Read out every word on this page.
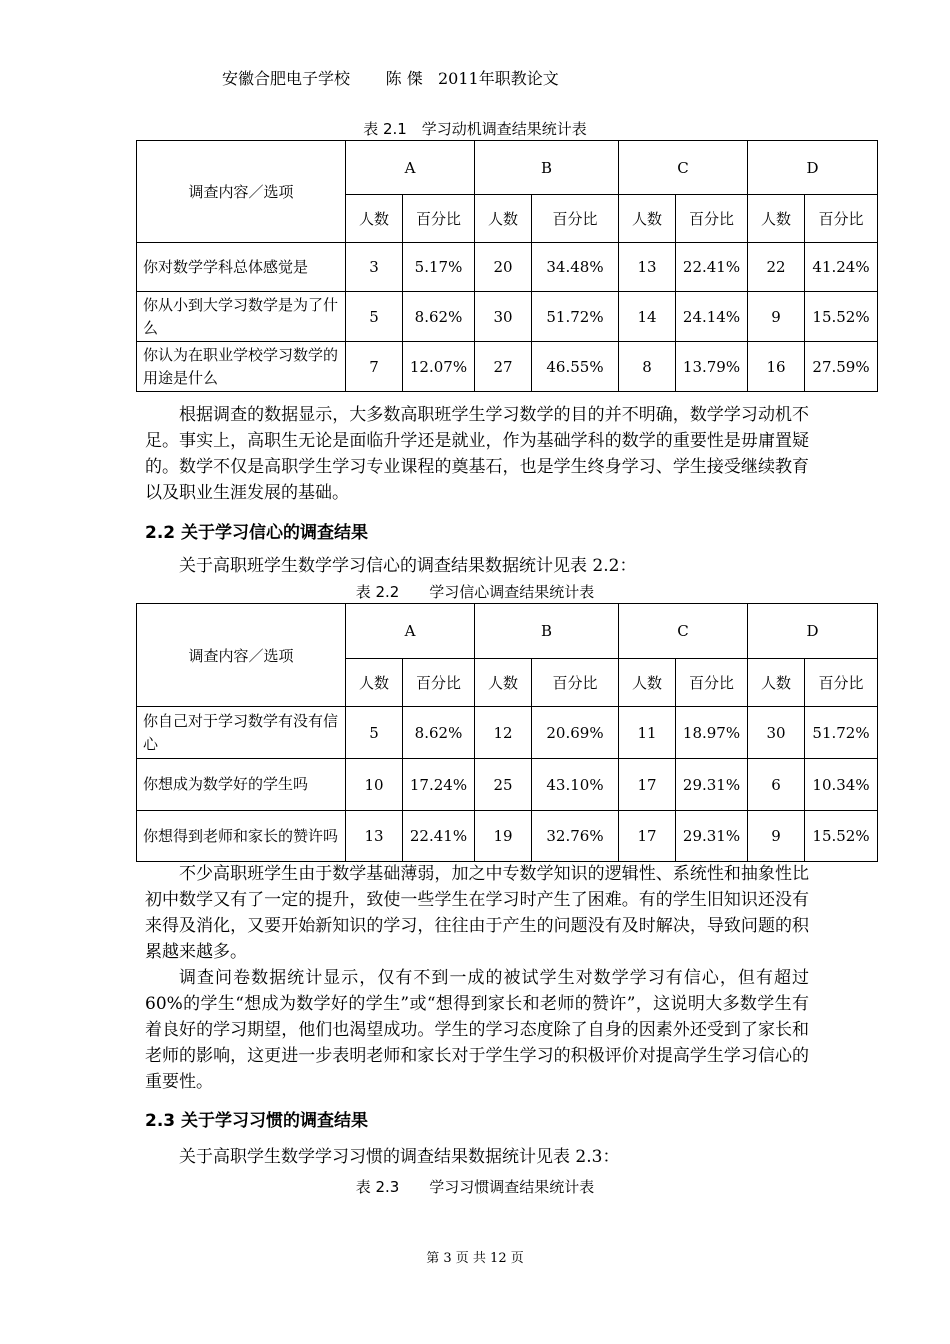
安徽合肥电子学校 陈 傑 2011年职教论文
表 2.1　学习动机调查结果统计表
调查内容／选项	A		B		C		D	
	人数	百分比	人数	百分比	人数	百分比	人数	百分比
你对数学学科总体感觉是	3	5.17%	20	34.48%	13	22.41%	22	41.24%
你从小到大学习数学是为了什么	5	8.62%	30	51.72%	14	24.14%	9	15.52%
你认为在职业学校学习数学的用途是什么	7	12.07%	27	46.55%	8	13.79%	16	27.59%

根据调查的数据显示，大多数高职班学生学习数学的目的并不明确，数学学习动机不足。事实上，高职生无论是面临升学还是就业，作为基础学科的数学的重要性是毋庸置疑的。数学不仅是高职学生学习专业课程的奠基石，也是学生终身学习、学生接受继续教育以及职业生涯发展的基础。

2.2 关于学习信心的调查结果

关于高职班学生数学学习信心的调查结果数据统计见表 2.2：

表 2.2　　学习信心调查结果统计表
调查内容／选项	A		B		C		D	
	人数	百分比	人数	百分比	人数	百分比	人数	百分比
你自己对于学习数学有没有信心	5	8.62%	12	20.69%	11	18.97%	30	51.72%
你想成为数学好的学生吗	10	17.24%	25	43.10%	17	29.31%	6	10.34%
你想得到老师和家长的赞许吗	13	22.41%	19	32.76%	17	29.31%	9	15.52%

不少高职班学生由于数学基础薄弱，加之中专数学知识的逻辑性、系统性和抽象性比初中数学又有了一定的提升，致使一些学生在学习时产生了困难。有的学生旧知识还没有来得及消化，又要开始新知识的学习，往往由于产生的问题没有及时解决，导致问题的积累越来越多。

调查问卷数据统计显示，仅有不到一成的被试学生对数学学习有信心，但有超过 60%的学生“想成为数学好的学生”或“想得到家长和老师的赞许”，这说明大多数学生有着良好的学习期望，他们也渴望成功。学生的学习态度除了自身的因素外还受到了家长和老师的影响，这更进一步表明老师和家长对于学生学习的积极评价对提高学生学习信心的重要性。

2.3 关于学习习惯的调查结果

关于高职学生数学学习习惯的调查结果数据统计见表 2.3：

表 2.3　　学习习惯调查结果统计表
第 3 页 共 12 页
